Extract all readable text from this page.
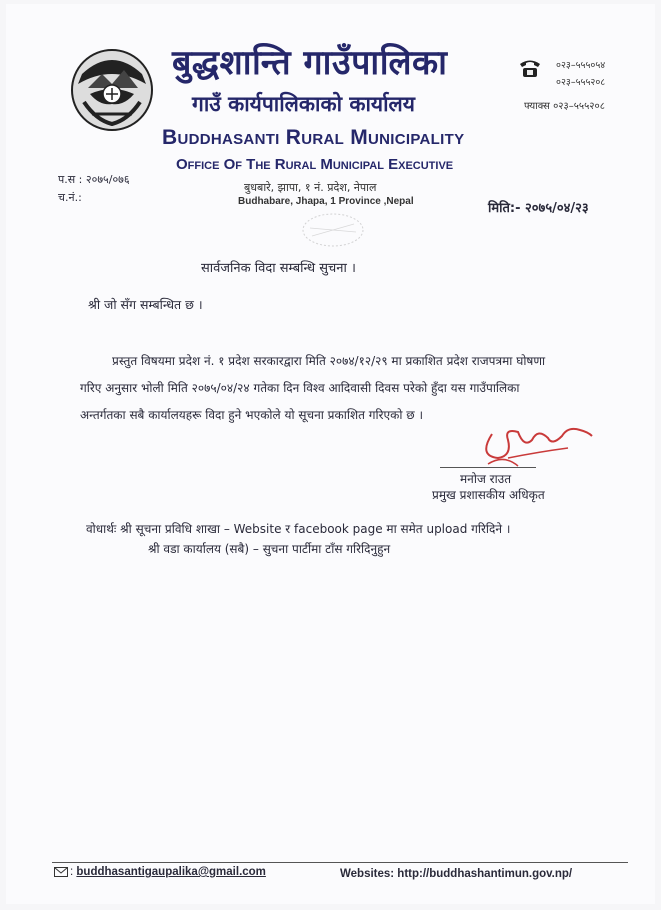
बुद्धशान्ति गाउँपालिका
गाउँ कार्यपालिकाको कार्यालय
Buddhasanti Rural Municipality
Office Of The Rural Municipal Executive
बुधबारे, झापा, १ नं. प्रदेश, नेपाल
Budhabare, Jhapa, 1 Province ,Nepal
०२३–५५५०५४
०२३–५५५२०८
फ्याक्स ०२३–५५५२०८
प.स : २०७५/०७६
च.नं.:
मिति:- २०७५/०४/२३
सार्वजनिक विदा सम्बन्धि सुचना ।
श्री जो सँग सम्बन्धित छ ।
प्रस्तुत विषयमा प्रदेश नं. १ प्रदेश सरकारद्वारा मिति २०७४/१२/२९ मा प्रकाशित प्रदेश राजपत्रमा घोषणा गरिए अनुसार भोली मिति २०७५/०४/२४ गतेका दिन विश्व आदिवासी दिवस परेको हुँदा यस गाउँपालिका अन्तर्गतका सबै कार्यालयहरू विदा हुने भएकोले यो सूचना प्रकाशित गरिएको छ ।
मनोज राउत
प्रमुख प्रशासकीय अधिकृत
वोधार्थः श्री सूचना प्रविधि शाखा – Website र facebook page मा समेत upload गरिदिने ।
श्री वडा कार्यालय (सबै) – सुचना पार्टीमा टाँस गरिदिनुहुन
: buddhasantigaupalika@gmail.com	Websites: http://buddhashantimun.gov.np/
